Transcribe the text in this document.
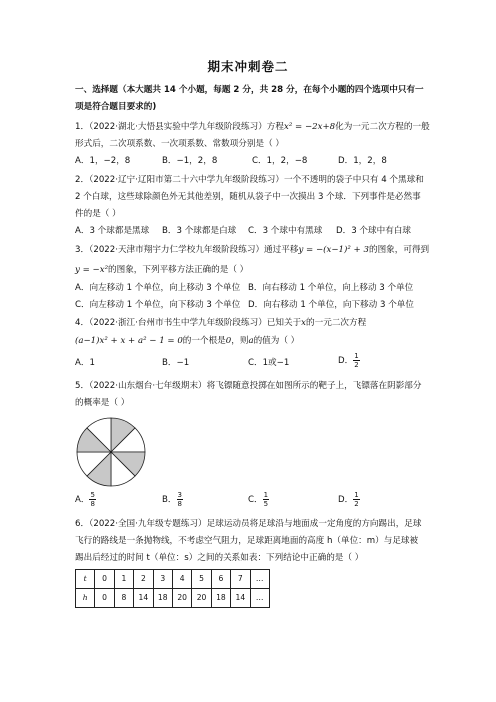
期末冲刺卷二
一、选择题（本大题共 14 个小题，每题 2 分，共 28 分，在每个小题的四个选项中只有一
项是符合题目要求的)
1．（2022·湖北·大悟县实验中学九年级阶段练习）方程x² = −2x+8化为一元二次方程的一般
形式后，二次项系数、一次项系数、常数项分别是（ ）
A．1，−2，8	B．−1，2，8	C．1，2，−8	D．1，2，8
2．（2022·辽宁·辽阳市第二十六中学九年级阶段练习）一个不透明的袋子中只有 4 个黑球和
2 个白球，这些球除颜色外无其他差别，随机从袋子中一次摸出 3 个球．下列事件是必然事
件的是（ ）
A．3 个球都是黑球 B．3 个球都是白球 C．3 个球中有黑球 D．3 个球中有白球
3．（2022·天津市翔宇力仁学校九年级阶段练习）通过平移y = −(x−1)² + 3的图象，可得到
y = −x²的图象，下列平移方法正确的是（ ）
A．向左移动 1 个单位，向上移动 3 个单位 B．向右移动 1 个单位，向上移动 3 个单位
C．向左移动 1 个单位，向下移动 3 个单位 D．向右移动 1 个单位，向下移动 3 个单位
4．（2022·浙江·台州市书生中学九年级阶段练习）已知关于x的一元二次方程
(a−1)x² + x + a² − 1 = 0的一个根是0，则a的值为（ ）
A．1	B．−1	C．1或−1	D． $\frac{1}{2}$
5．（2022·山东烟台·七年级期末）将飞镖随意投掷在如图所示的靶子上，飞镖落在阴影部分
的概率是（ ）
A． $\frac{5}{8}$	B． $\frac{3}{8}$	C． $\frac{1}{5}$	D． $\frac{1}{2}$
6．（2022·全国·九年级专题练习）足球运动员将足球沿与地面成一定角度的方向踢出，足球
飞行的路线是一条抛物线，不考虑空气阻力，足球距离地面的高度 h（单位：m）与足球被
踢出后经过的时间 t（单位：s）之间的关系如表：下列结论中正确的是（ ）
t	0	1	2	3	4	5	6	7	…
h	0	8	14	18	20	20	18	14	…
